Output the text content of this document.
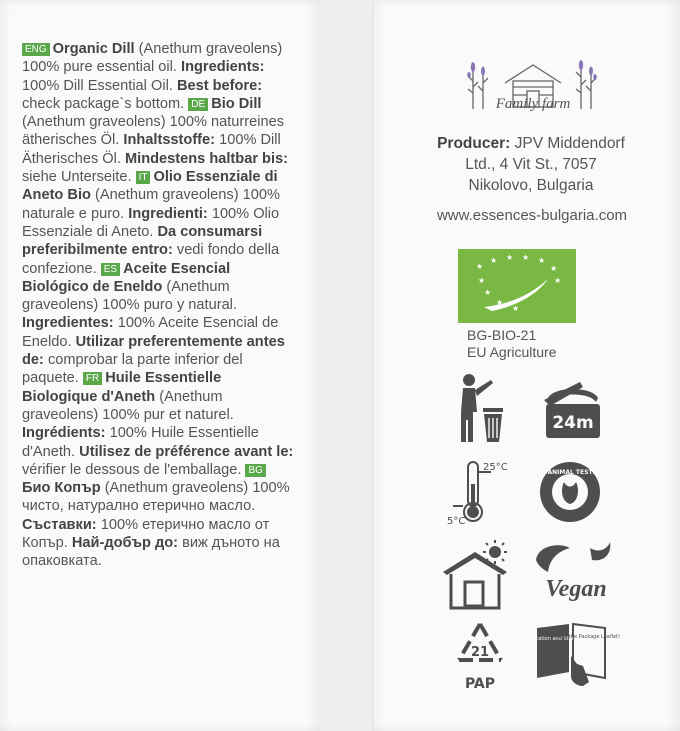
ENG Organic Dill (Anethum graveolens) 100% pure essential oil. Ingredients: 100% Dill Essential Oil. Best before: check package`s bottom. DE Bio Dill (Anethum graveolens) 100% naturreines ätherisches Öl. Inhaltsstoffe: 100% Dill Ätherisches Öl. Mindestens haltbar bis: siehe Unterseite. IT Olio Essenziale di Aneto Bio (Anethum graveolens) 100% naturale e puro. Ingredienti: 100% Olio Essenziale di Aneto. Da consumarsi preferibilmente entro: vedi fondo della confezione. ES Aceite Esencial Biológico de Eneldo (Anethum graveolens) 100% puro y natural. Ingredientes: 100% Aceite Esencial de Eneldo. Utilizar preferentemente antes de: comprobar la parte inferior del paquete. FR Huile Essentielle Biologique d'Aneth (Anethum graveolens) 100% pur et naturel. Ingrédients: 100% Huile Essentielle d'Aneth. Utilisez de préférence avant le: vérifier le dessous de l'emballage. BGБио Копър (Anethum graveolens) 100% чисто, натурално етерично масло. Съставки: 100% етерично масло от Копър. Най-добър до: виж дъното на опаковката.
Family farm
Producer: JPV Middendorf
Ltd., 4 Vit St., 7057
Nikolovo, Bulgaria
www.essences-bulgaria.com
★
★ ★ ★ ★
★
★
★
★
★
★
BG-BIO-21
EU Agriculture
24m
25°C
5°C
NO ANIMAL TESTING
Vegan
21
PAP
Application and Storage
See the Package Leaflet!
